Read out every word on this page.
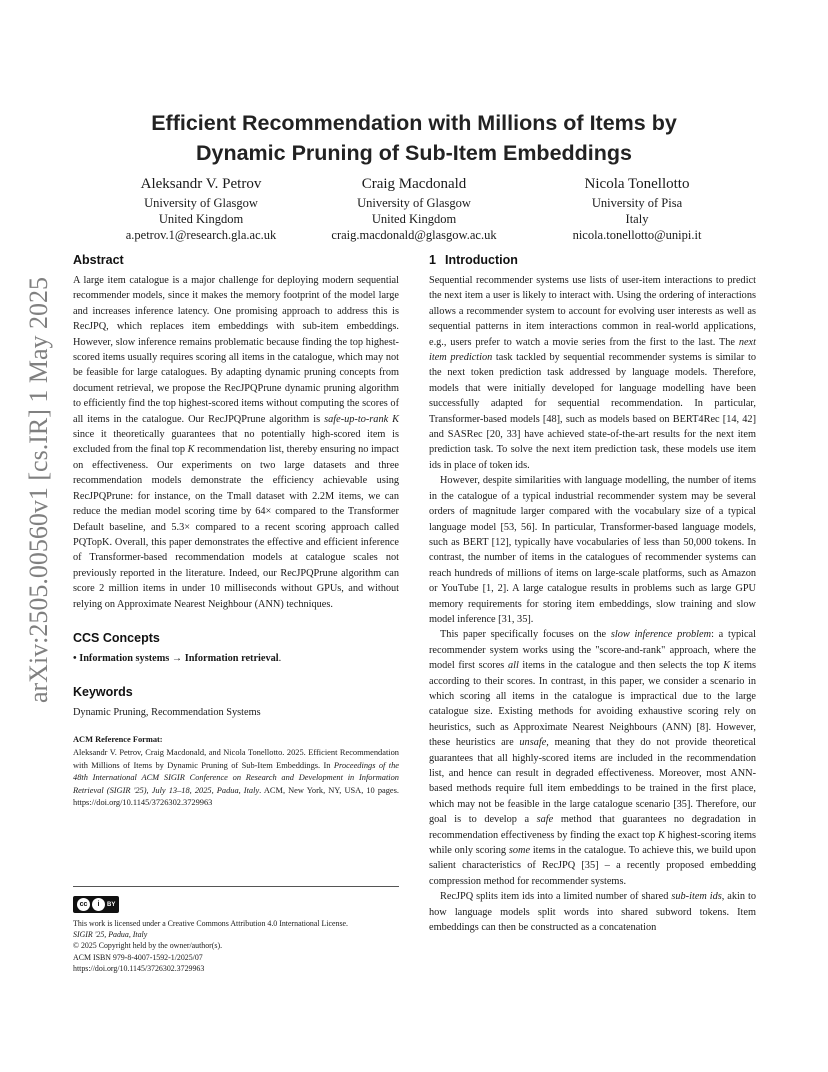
Efficient Recommendation with Millions of Items by
Dynamic Pruning of Sub-Item Embeddings
Aleksandr V. Petrov
University of Glasgow
United Kingdom
a.petrov.1@research.gla.ac.uk
Craig Macdonald
University of Glasgow
United Kingdom
craig.macdonald@glasgow.ac.uk
Nicola Tonellotto
University of Pisa
Italy
nicola.tonellotto@unipi.it
arXiv:2505.00560v1 [cs.IR] 1 May 2025
Abstract

A large item catalogue is a major challenge for deploying modern sequential recommender models, since it makes the memory footprint of the model large and increases inference latency. One promising approach to address this is RecJPQ, which replaces item embeddings with sub-item embeddings. However, slow inference remains problematic because finding the top highest-scored items usually requires scoring all items in the catalogue, which may not be feasible for large catalogues. By adapting dynamic pruning concepts from document retrieval, we propose the RecJPQPrune dynamic pruning algorithm to efficiently find the top highest-scored items without computing the scores of all items in the catalogue. Our RecJPQPrune algorithm is safe-up-to-rank K since it theoretically guarantees that no potentially high-scored item is excluded from the final top K recommendation list, thereby ensuring no impact on effectiveness. Our experiments on two large datasets and three recommendation models demonstrate the efficiency achievable using RecJPQPrune: for instance, on the Tmall dataset with 2.2M items, we can reduce the median model scoring time by 64× compared to the Transformer Default baseline, and 5.3× compared to a recent scoring approach called PQTopK. Overall, this paper demonstrates the effective and efficient inference of Transformer-based recommendation models at catalogue scales not previously reported in the literature. Indeed, our RecJPQPrune algorithm can score 2 million items in under 10 milliseconds without GPUs, and without relying on Approximate Nearest Neighbour (ANN) techniques.

CCS Concepts
• Information systems → Information retrieval.
Keywords

Dynamic Pruning, Recommendation Systems

ACM Reference Format:
Aleksandr V. Petrov, Craig Macdonald, and Nicola Tonellotto. 2025. Efficient Recommendation with Millions of Items by Dynamic Pruning of Sub-Item Embeddings. In Proceedings of the 48th International ACM SIGIR Conference on Research and Development in Information Retrieval (SIGIR '25), July 13–18, 2025, Padua, Italy. ACM, New York, NY, USA, 10 pages. https://doi.org/10.1145/3726302.3729963
cc	i	BY
This work is licensed under a Creative Commons Attribution 4.0 International License.
SIGIR '25, Padua, Italy
© 2025 Copyright held by the owner/author(s).
ACM ISBN 979-8-4007-1592-1/2025/07
https://doi.org/10.1145/3726302.3729963
1 Introduction

Sequential recommender systems use lists of user-item interactions to predict the next item a user is likely to interact with. Using the ordering of interactions allows a recommender system to account for evolving user interests as well as sequential patterns in item interactions common in real-world applications, e.g., users prefer to watch a movie series from the first to the last. The next item prediction task tackled by sequential recommender systems is similar to the next token prediction task addressed by language models. Therefore, models that were initially developed for language modelling have been successfully adapted for sequential recommendation. In particular, Transformer-based models [48], such as models based on BERT4Rec [14, 42] and SASRec [20, 33] have achieved state-of-the-art results for the next item prediction task. To solve the next item prediction task, these models use item ids in place of token ids.

However, despite similarities with language modelling, the number of items in the catalogue of a typical industrial recommender system may be several orders of magnitude larger compared with the vocabulary size of a typical language model [53, 56]. In particular, Transformer-based language models, such as BERT [12], typically have vocabularies of less than 50,000 tokens. In contrast, the number of items in the catalogues of recommender systems can reach hundreds of millions of items on large-scale platforms, such as Amazon or YouTube [1, 2]. A large catalogue results in problems such as large GPU memory requirements for storing item embeddings, slow training and slow model inference [31, 35].

This paper specifically focuses on the slow inference problem: a typical recommender system works using the "score-and-rank" approach, where the model first scores all items in the catalogue and then selects the top K items according to their scores. In contrast, in this paper, we consider a scenario in which scoring all items in the catalogue is impractical due to the large catalogue size. Existing methods for avoiding exhaustive scoring rely on heuristics, such as Approximate Nearest Neighbours (ANN) [8]. However, these heuristics are unsafe, meaning that they do not provide theoretical guarantees that all highly-scored items are included in the recommendation list, and hence can result in degraded effectiveness. Moreover, most ANN-based methods require full item embeddings to be trained in the first place, which may not be feasible in the large catalogue scenario [35]. Therefore, our goal is to develop a safe method that guarantees no degradation in recommendation effectiveness by finding the exact top K highest-scoring items while only scoring some items in the catalogue. To achieve this, we build upon salient characteristics of RecJPQ [35] – a recently proposed embedding compression method for recommender systems.

RecJPQ splits item ids into a limited number of shared sub-item ids, akin to how language models split words into shared subword tokens. Item embeddings can then be constructed as a concatenation
